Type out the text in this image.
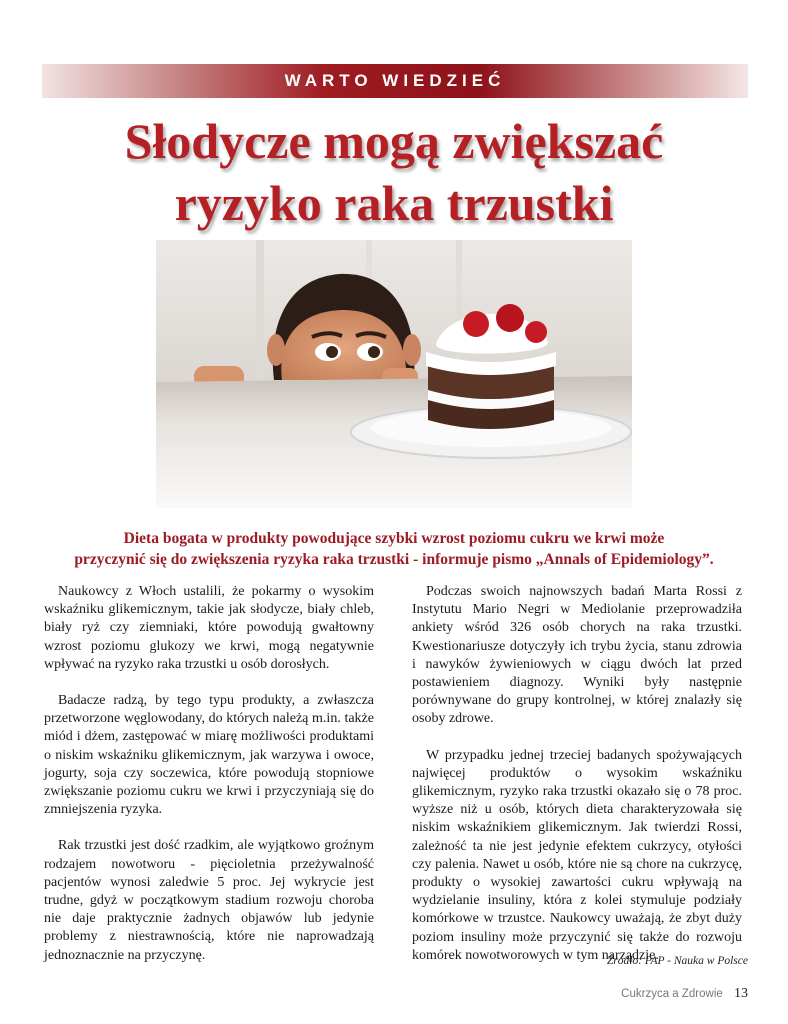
WARTO WIEDZIEĆ
Słodycze mogą zwiększać
ryzyko raka trzustki

Dieta bogata w produkty powodujące szybki wzrost poziomu cukru we krwi może
przyczynić się do zwiększenia ryzyka raka trzustki - informuje pismo „Annals of Epidemiology”.

Naukowcy z Włoch ustalili, że pokarmy o wysokim wskaźniku glikemicznym, takie jak słodycze, biały chleb, biały ryż czy ziemniaki, które powodują gwałtowny wzrost poziomu glukozy we krwi, mogą negatywnie wpływać na ryzyko raka trzustki u osób dorosłych.

Badacze radzą, by tego typu produkty, a zwłaszcza przetworzone węglowodany, do których należą m.in. także miód i dżem, zastępować w miarę możliwości produktami o niskim wskaźniku glikemicznym, jak warzywa i owoce, jogurty, soja czy soczewica, które powodują stopniowe zwiększanie poziomu cukru we krwi i przyczyniają się do zmniejszenia ryzyka.

Rak trzustki jest dość rzadkim, ale wyjątkowo groźnym rodzajem nowotworu - pięcioletnia przeżywalność pacjentów wynosi zaledwie 5 proc. Jej wykrycie jest trudne, gdyż w początkowym stadium rozwoju choroba nie daje praktycznie żadnych objawów lub jedynie problemy z niestrawnością, które nie naprowadzają jednoznacznie na przyczynę.

Podczas swoich najnowszych badań Marta Rossi z Instytutu Mario Negri w Mediolanie przeprowadziła ankiety wśród 326 osób chorych na raka trzustki. Kwestionariusze dotyczyły ich trybu życia, stanu zdrowia i nawyków żywieniowych w ciągu dwóch lat przed postawieniem diagnozy. Wyniki były następnie porównywane do grupy kontrolnej, w której znalazły się osoby zdrowe.

W przypadku jednej trzeciej badanych spożywających najwięcej produktów o wysokim wskaźniku glikemicznym, ryzyko raka trzustki okazało się o 78 proc. wyższe niż u osób, których dieta charakteryzowała się niskim wskaźnikiem glikemicznym. Jak twierdzi Rossi, zależność ta nie jest jedynie efektem cukrzycy, otyłości czy palenia. Nawet u osób, które nie są chore na cukrzycę, produkty o wysokiej zawartości cukru wpływają na wydzielanie insuliny, która z kolei stymuluje podziały komórkowe w trzustce. Naukowcy uważają, że zbyt duży poziom insuliny może przyczynić się także do rozwoju komórek nowotworowych w tym narządzie.

Źródło: PAP - Nauka w Polsce
Cukrzyca a Zdrowie 13
